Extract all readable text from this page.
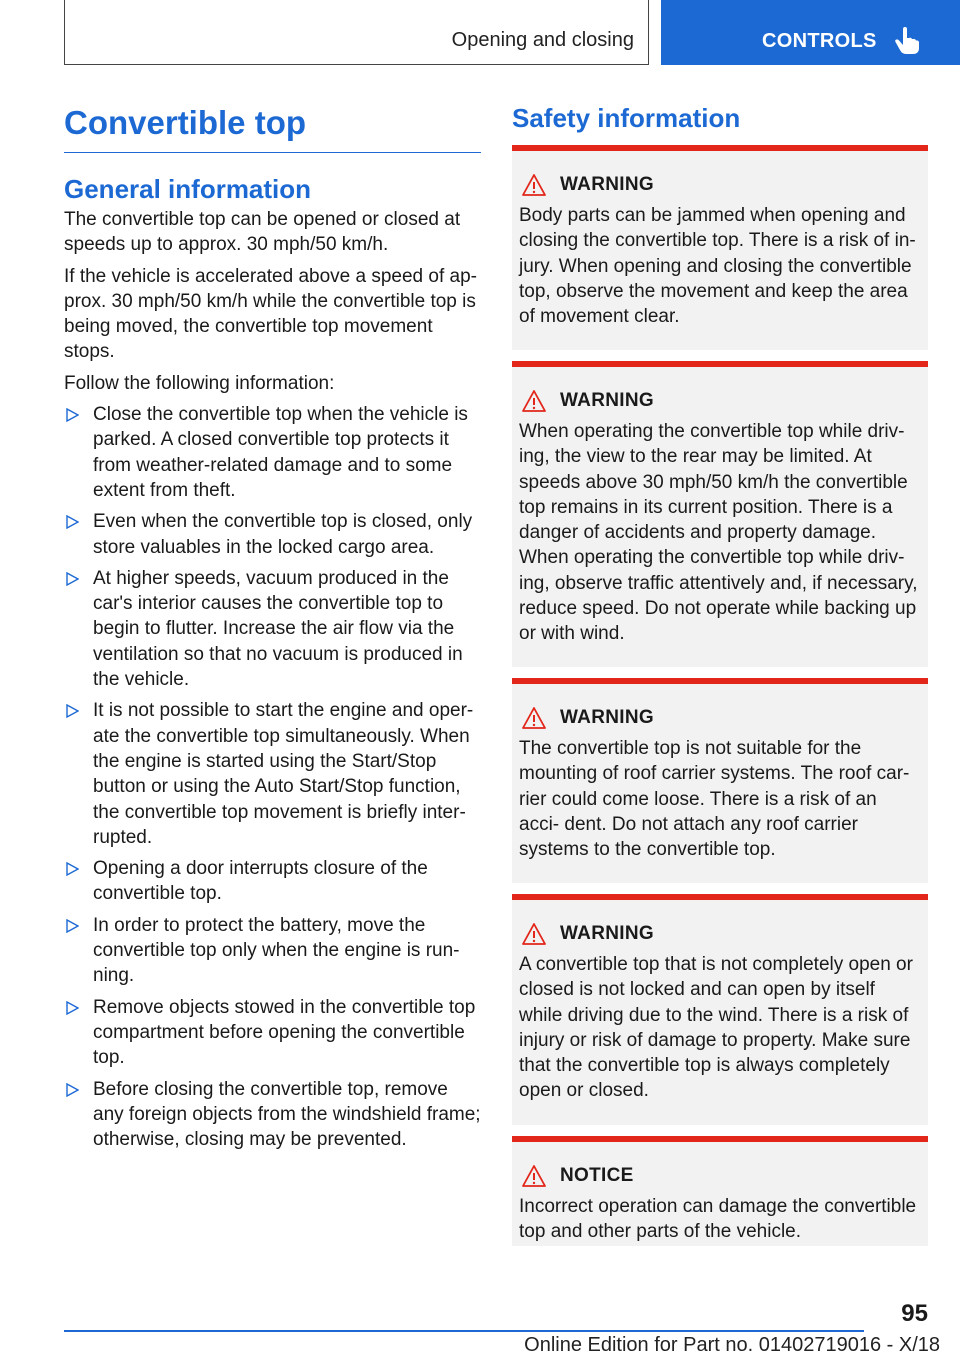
Opening and closing	CONTROLS
Convertible top
General information

The convertible top can be opened or closed at speeds up to approx. 30 mph/50 km/h.

If the vehicle is accelerated above a speed of ap‐ prox. 30 mph/50 km/h while the convertible top is being moved, the convertible top movement stops.

Follow the following information:

Close the convertible top when the vehicle is parked. A closed convertible top protects it from weather-related damage and to some extent from theft.
Even when the convertible top is closed, only store valuables in the locked cargo area.
At higher speeds, vacuum produced in the car's interior causes the convertible top to begin to flutter. Increase the air flow via the ventilation so that no vacuum is produced in the vehicle.
It is not possible to start the engine and oper‐ ate the convertible top simultaneously. When the engine is started using the Start/Stop button or using the Auto Start/Stop function, the convertible top movement is briefly inter‐ rupted.
Opening a door interrupts closure of the convertible top.
In order to protect the battery, move the convertible top only when the engine is run‐ ning.
Remove objects stowed in the convertible top compartment before opening the convertible top.
Before closing the convertible top, remove any foreign objects from the windshield frame; otherwise, closing may be prevented.
Safety information
WARNING

Body parts can be jammed when opening and closing the convertible top. There is a risk of in‐ jury. When opening and closing the convertible top, observe the movement and keep the area of movement clear.

WARNING

When operating the convertible top while driv‐ ing, the view to the rear may be limited. At speeds above 30 mph/50 km/h the convertible top remains in its current position. There is a danger of accidents and property damage. When operating the convertible top while driv‐ ing, observe traffic attentively and, if necessary, reduce speed. Do not operate while backing up or with wind.

WARNING

The convertible top is not suitable for the mounting of roof carrier systems. The roof car‐ rier could come loose. There is a risk of an acci‐ dent. Do not attach any roof carrier systems to the convertible top.

WARNING

A convertible top that is not completely open or closed is not locked and can open by itself while driving due to the wind. There is a risk of injury or risk of damage to property. Make sure that the convertible top is always completely open or closed.

NOTICE

Incorrect operation can damage the convertible top and other parts of the vehicle.

95
Online Edition for Part no. 01402719016 - X/18
